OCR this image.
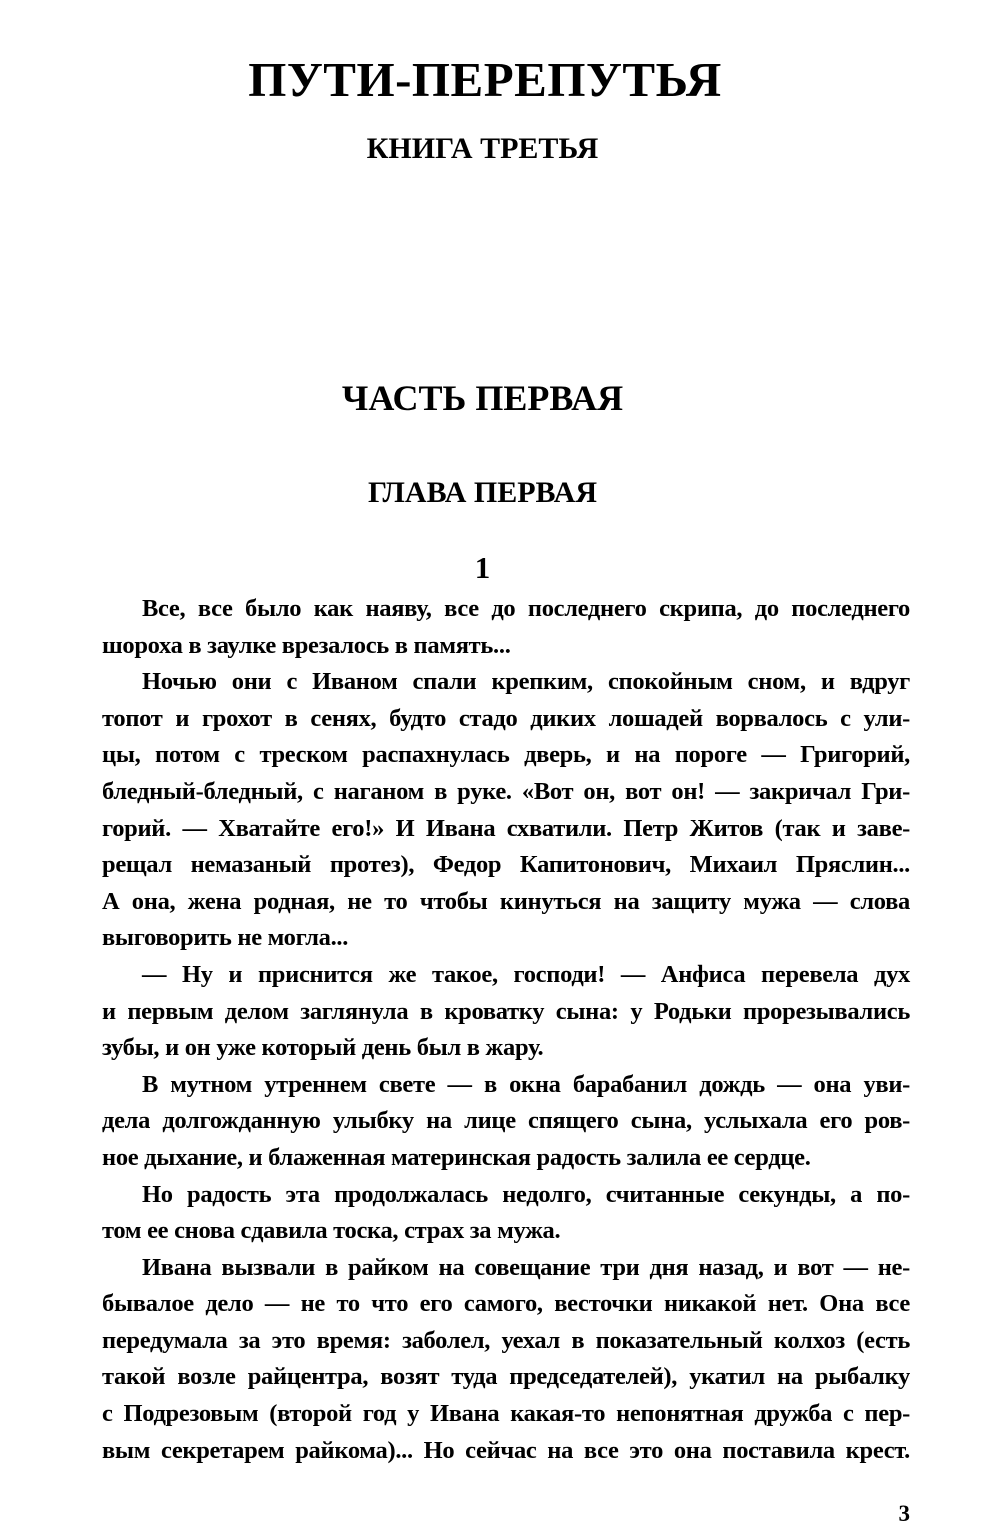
ПУТИ-ПЕРЕПУТЬЯ
КНИГА ТРЕТЬЯ
ЧАСТЬ ПЕРВАЯ
ГЛАВА ПЕРВАЯ
1

Все, все было как наяву, все до последнего скрипа, до последнего
шороха в заулке врезалось в память...

Ночью они с Иваном спали крепким, спокойным сном, и вдруг
топот и грохот в сенях, будто стадо диких лошадей ворвалось с ули-
цы, потом с треском распахнулась дверь, и на пороге — Григорий,
бледный-бледный, с наганом в руке. «Вот он, вот он! — закричал Гри-
горий. — Хватайте его!» И Ивана схватили. Петр Житов (так и заве-
рещал немазаный протез), Федор Капитонович, Михаил Пряслин...
А она, жена родная, не то чтобы кинуться на защиту мужа — слова
выговорить не могла...

— Ну и приснится же такое, господи! — Анфиса перевела дух
и первым делом заглянула в кроватку сына: у Родьки прорезывались
зубы, и он уже который день был в жару.

В мутном утреннем свете — в окна барабанил дождь — она уви-
дела долгожданную улыбку на лице спящего сына, услыхала его ров-
ное дыхание, и блаженная материнская радость залила ее сердце.

Но радость эта продолжалась недолго, считанные секунды, а по-
том ее снова сдавила тоска, страх за мужа.

Ивана вызвали в райком на совещание три дня назад, и вот — не-
бывалое дело — не то что его самого, весточки никакой нет. Она все
передумала за это время: заболел, уехал в показательный колхоз (есть
такой возле райцентра, возят туда председателей), укатил на рыбалку
с Подрезовым (второй год у Ивана какая-то непонятная дружба с пер-
вым секретарем райкома)... Но сейчас на все это она поставила крест.

3
